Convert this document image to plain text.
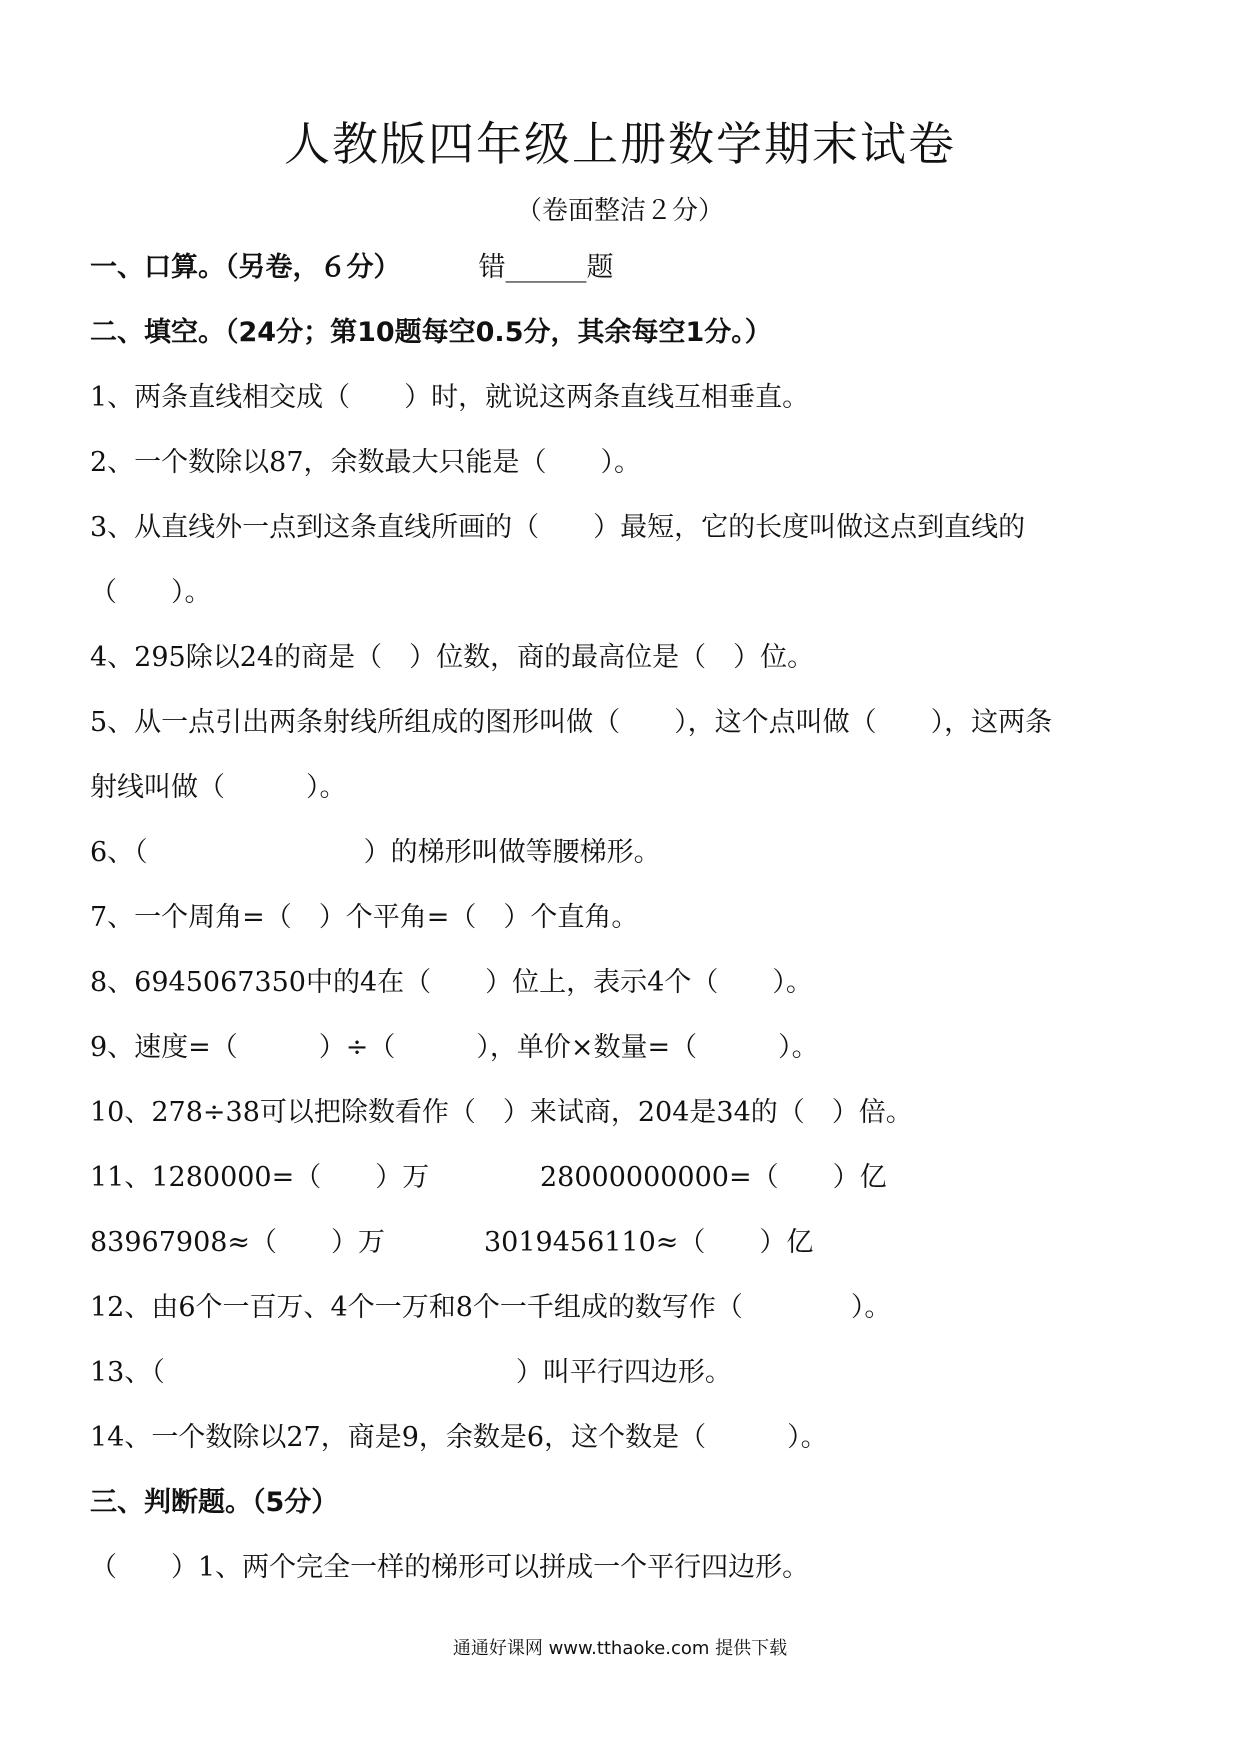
人教版四年级上册数学期末试卷
（卷面整洁２分）
一、口算。（另卷，６分）	错______题
二、填空。（24分；第10题每空0.5分，其余每空1分。）
1、两条直线相交成（　　）时，就说这两条直线互相垂直。
2、一个数除以87，余数最大只能是（　　）。
3、从直线外一点到这条直线所画的（　　）最短，它的长度叫做这点到直线的
（　　）。
4、295除以24的商是（　）位数，商的最高位是（　）位。
5、从一点引出两条射线所组成的图形叫做（　　），这个点叫做（　　），这两条
射线叫做（　　　）。
6、（　　　　　　　　）的梯形叫做等腰梯形。
7、一个周角=（　）个平角=（　）个直角。
8、6945067350中的4在（　　）位上，表示4个（　　）。
9、速度=（　　　）÷（　　　），单价×数量=（　　　）。
10、278÷38可以把除数看作（　）来试商，204是34的（　）倍。
11、1280000=（　　）万	28000000000=（　　）亿
83967908≈（　　）万	3019456110≈（　　）亿
12、由6个一百万、4个一万和8个一千组成的数写作（　　　　）。
13、（　　　　　　　　　　　　　）叫平行四边形。
14、一个数除以27，商是9，余数是6，这个数是（　　　）。
三、判断题。（5分）
（　　）1、两个完全一样的梯形可以拼成一个平行四边形。
通通好课网 www.tthaoke.com 提供下载
